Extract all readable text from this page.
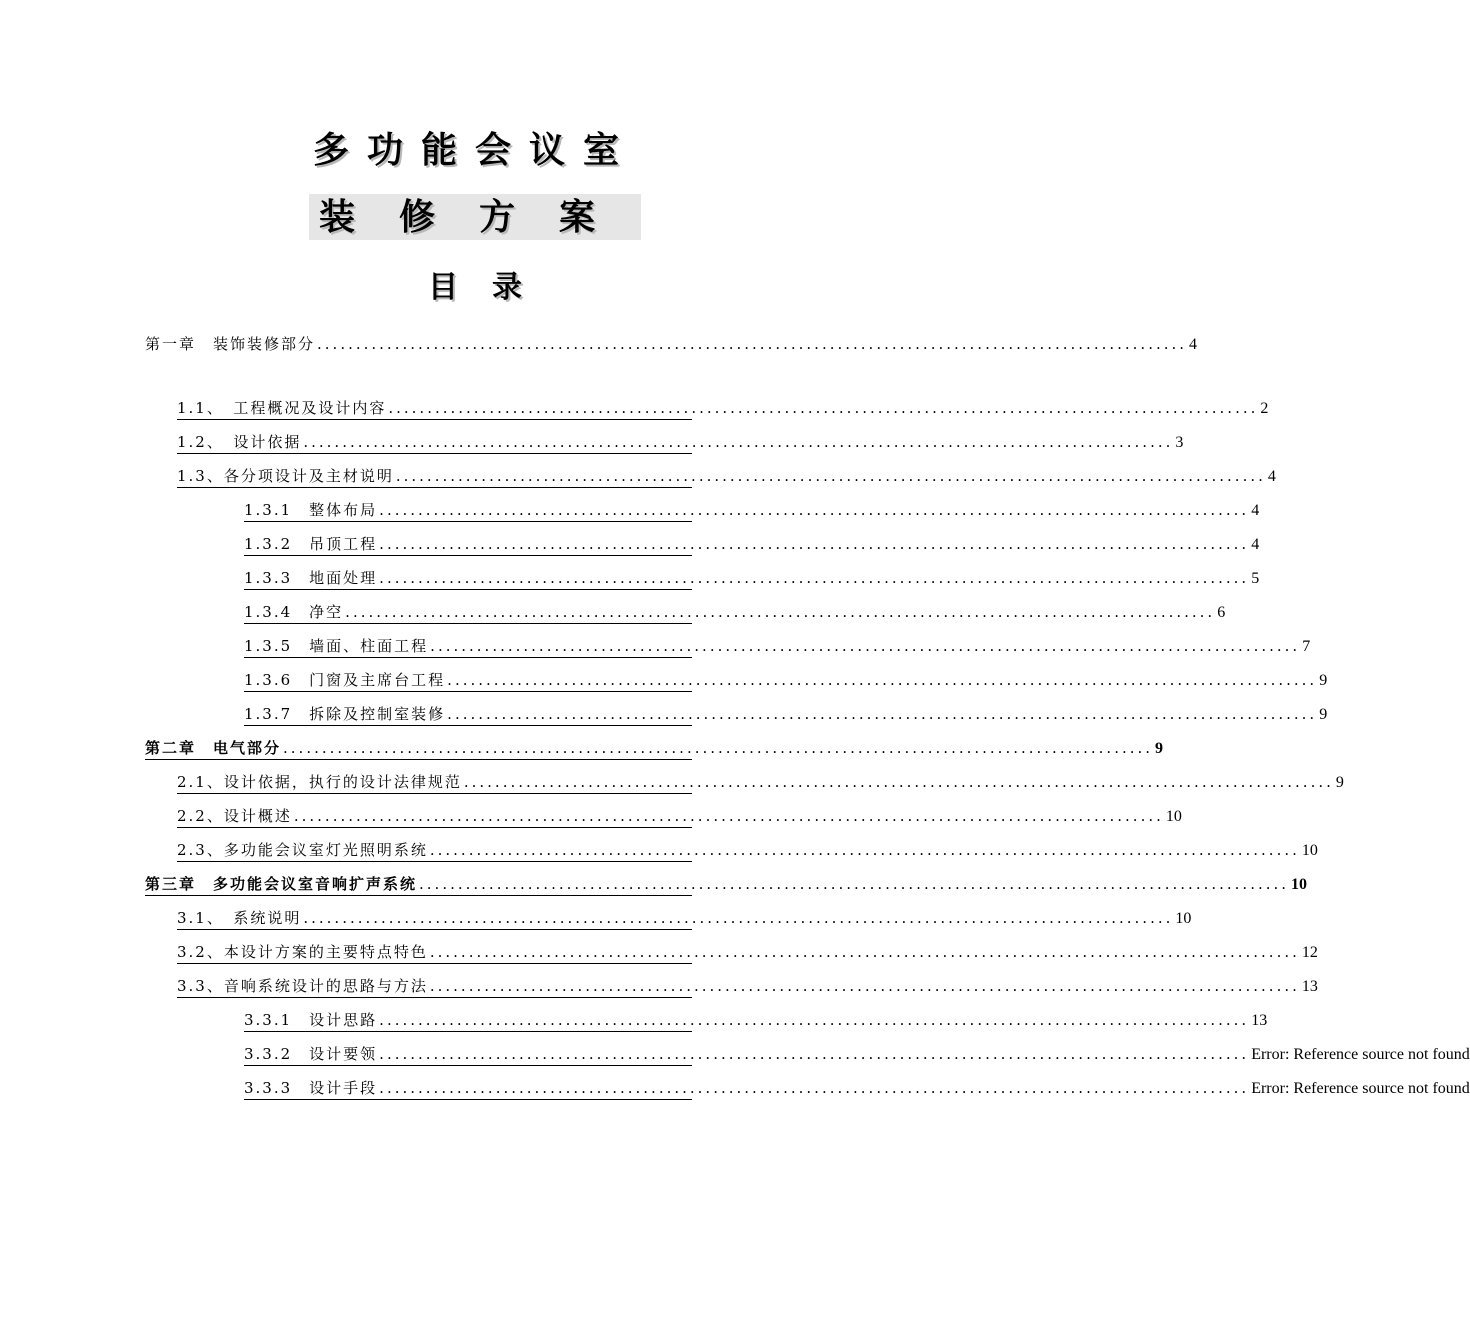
多功能会议室
装修方案
目录
第一章　装饰装修部分 ................................................................................................................ 4
1.1、　工程概况及设计内容 ................................................................................................................ 2
1.2、　设计依据 ................................................................................................................ 3
1.3、各分项设计及主材说明 ................................................................................................................ 4
1.3.1　整体布局 ................................................................................................................ 4
1.3.2　吊顶工程 ................................................................................................................ 4
1.3.3　地面处理 ................................................................................................................ 5
1.3.4　净空 ................................................................................................................ 6
1.3.5　墙面、柱面工程 ................................................................................................................ 7
1.3.6　门窗及主席台工程 ................................................................................................................ 9
1.3.7　拆除及控制室装修 ................................................................................................................ 9
第二章　电气部分 ................................................................................................................ 9
2.1、设计依据，执行的设计法律规范 ................................................................................................................ 9
2.2、设计概述 ................................................................................................................ 10
2.3、多功能会议室灯光照明系统 ................................................................................................................ 10
第三章　多功能会议室音响扩声系统 ................................................................................................................ 10
3.1、　系统说明 ................................................................................................................ 10
3.2、本设计方案的主要特点特色 ................................................................................................................ 12
3.3、音响系统设计的思路与方法 ................................................................................................................ 13
3.3.1　设计思路 ................................................................................................................ 13
3.3.2　设计要领 ................................................................................................................ Error: Reference source not found
3.3.3　设计手段 ................................................................................................................ Error: Reference source not found
